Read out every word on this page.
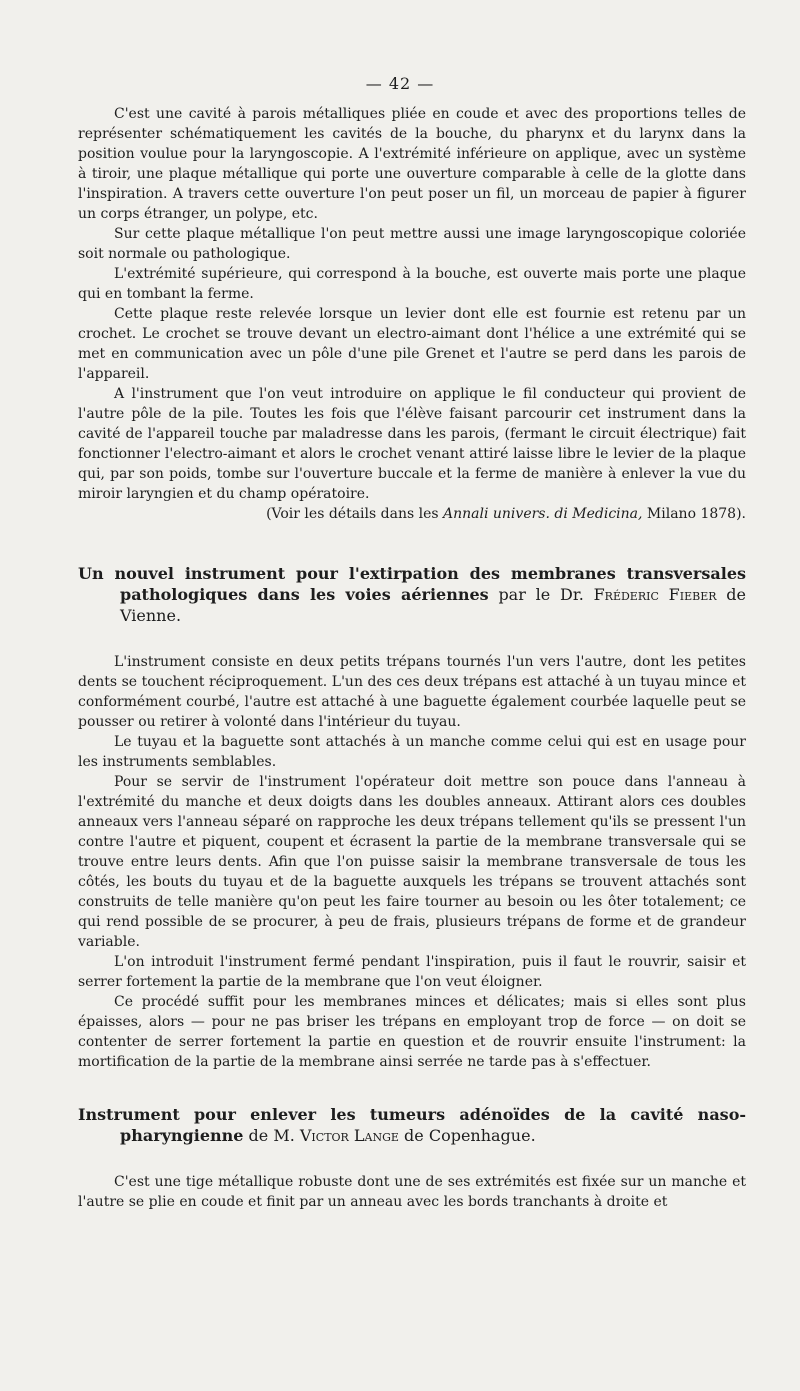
— 42 —

C'est une cavité à parois métalliques pliée en coude et avec des proportions telles de représenter schématiquement les cavités de la bouche, du pharynx et du larynx dans la position voulue pour la laryngoscopie. A l'extrémité inférieure on applique, avec un système à tiroir, une plaque métallique qui porte une ouverture comparable à celle de la glotte dans l'inspiration. A travers cette ouverture l'on peut poser un fil, un morceau de papier à figurer un corps étranger, un polype, etc.

Sur cette plaque métallique l'on peut mettre aussi une image laryngoscopique coloriée soit normale ou pathologique.

L'extrémité supérieure, qui correspond à la bouche, est ouverte mais porte une plaque qui en tombant la ferme.

Cette plaque reste relevée lorsque un levier dont elle est fournie est retenu par un crochet. Le crochet se trouve devant un electro-aimant dont l'hélice a une extrémité qui se met en communication avec un pôle d'une pile Grenet et l'autre se perd dans les parois de l'appareil.

A l'instrument que l'on veut introduire on applique le fil conducteur qui provient de l'autre pôle de la pile. Toutes les fois que l'élève faisant parcourir cet instrument dans la cavité de l'appareil touche par maladresse dans les parois, (fermant le circuit électrique) fait fonctionner l'electro-aimant et alors le crochet venant attiré laisse libre le levier de la plaque qui, par son poids, tombe sur l'ouverture buccale et la ferme de manière à enlever la vue du miroir laryngien et du champ opératoire.

(Voir les détails dans les Annali univers. di Medicina, Milano 1878).

Un nouvel instrument pour l'extirpation des membranes transversales pathologiques dans les voies aériennes par le Dr. Fréderic Fieber de Vienne.

L'instrument consiste en deux petits trépans tournés l'un vers l'autre, dont les petites dents se touchent réciproquement. L'un des ces deux trépans est attaché à un tuyau mince et conformément courbé, l'autre est attaché à une baguette également courbée laquelle peut se pousser ou retirer à volonté dans l'intérieur du tuyau.

Le tuyau et la baguette sont attachés à un manche comme celui qui est en usage pour les instruments semblables.

Pour se servir de l'instrument l'opérateur doit mettre son pouce dans l'anneau à l'extrémité du manche et deux doigts dans les doubles anneaux. Attirant alors ces doubles anneaux vers l'anneau séparé on rapproche les deux trépans tellement qu'ils se pressent l'un contre l'autre et piquent, coupent et écrasent la partie de la membrane transversale qui se trouve entre leurs dents. Afin que l'on puisse saisir la membrane transversale de tous les côtés, les bouts du tuyau et de la baguette auxquels les trépans se trouvent attachés sont construits de telle manière qu'on peut les faire tourner au besoin ou les ôter totalement; ce qui rend possible de se procurer, à peu de frais, plusieurs trépans de forme et de grandeur variable.

L'on introduit l'instrument fermé pendant l'inspiration, puis il faut le rouvrir, saisir et serrer fortement la partie de la membrane que l'on veut éloigner.

Ce procédé suffit pour les membranes minces et délicates; mais si elles sont plus épaisses, alors — pour ne pas briser les trépans en employant trop de force — on doit se contenter de serrer fortement la partie en question et de rouvrir ensuite l'instrument: la mortification de la partie de la membrane ainsi serrée ne tarde pas à s'effectuer.

Instrument pour enlever les tumeurs adénoïdes de la cavité naso-pharyngienne de M. Victor Lange de Copenhague.

C'est une tige métallique robuste dont une de ses extrémités est fixée sur un manche et l'autre se plie en coude et finit par un anneau avec les bords tranchants à droite et
